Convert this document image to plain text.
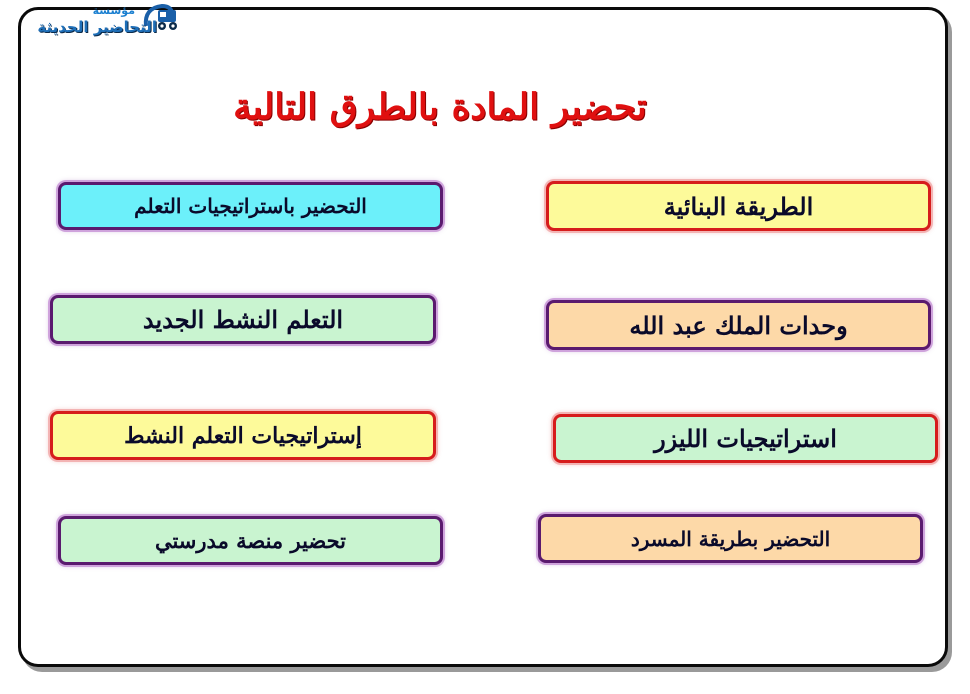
مؤسسة
التحاضير الحديثة
تحضير المادة بالطرق التالية
التحضير باستراتيجيات التعلم
التعلم النشط الجديد
إستراتيجيات التعلم النشط
تحضير منصة مدرستي
الطريقة البنائية
وحدات الملك عبد الله
استراتيجيات الليزر
التحضير بطريقة المسرد
